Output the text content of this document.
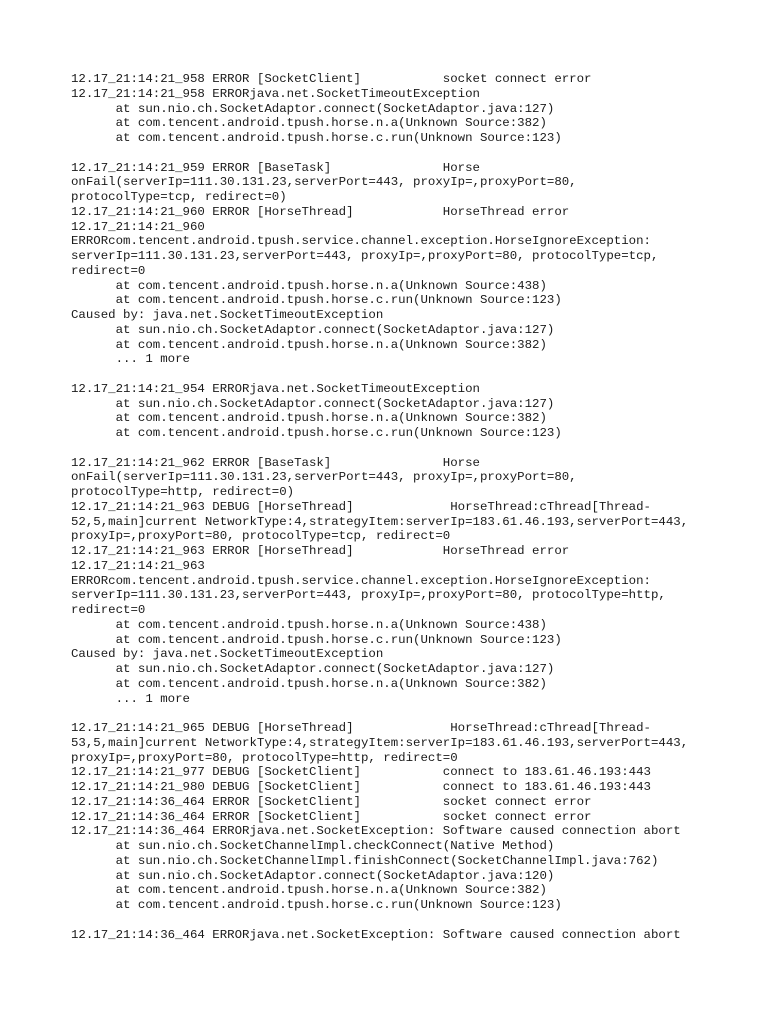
12.17_21:14:21_958 ERROR [SocketClient]           socket connect error
12.17_21:14:21_958 ERRORjava.net.SocketTimeoutException
at sun.nio.ch.SocketAdaptor.connect(SocketAdaptor.java:127)
at com.tencent.android.tpush.horse.n.a(Unknown Source:382)
at com.tencent.android.tpush.horse.c.run(Unknown Source:123)

12.17_21:14:21_959 ERROR [BaseTask]               Horse
onFail(serverIp=111.30.131.23,serverPort=443, proxyIp=,proxyPort=80,
protocolType=tcp, redirect=0)
12.17_21:14:21_960 ERROR [HorseThread]            HorseThread error
12.17_21:14:21_960
ERRORcom.tencent.android.tpush.service.channel.exception.HorseIgnoreException:
serverIp=111.30.131.23,serverPort=443, proxyIp=,proxyPort=80, protocolType=tcp,
redirect=0
at com.tencent.android.tpush.horse.n.a(Unknown Source:438)
at com.tencent.android.tpush.horse.c.run(Unknown Source:123)
Caused by: java.net.SocketTimeoutException
at sun.nio.ch.SocketAdaptor.connect(SocketAdaptor.java:127)
at com.tencent.android.tpush.horse.n.a(Unknown Source:382)
... 1 more

12.17_21:14:21_954 ERRORjava.net.SocketTimeoutException
at sun.nio.ch.SocketAdaptor.connect(SocketAdaptor.java:127)
at com.tencent.android.tpush.horse.n.a(Unknown Source:382)
at com.tencent.android.tpush.horse.c.run(Unknown Source:123)

12.17_21:14:21_962 ERROR [BaseTask]               Horse
onFail(serverIp=111.30.131.23,serverPort=443, proxyIp=,proxyPort=80,
protocolType=http, redirect=0)
12.17_21:14:21_963 DEBUG [HorseThread]             HorseThread:cThread[Thread-
52,5,main]current NetworkType:4,strategyItem:serverIp=183.61.46.193,serverPort=443,
proxyIp=,proxyPort=80, protocolType=tcp, redirect=0
12.17_21:14:21_963 ERROR [HorseThread]            HorseThread error
12.17_21:14:21_963
ERRORcom.tencent.android.tpush.service.channel.exception.HorseIgnoreException:
serverIp=111.30.131.23,serverPort=443, proxyIp=,proxyPort=80, protocolType=http,
redirect=0
at com.tencent.android.tpush.horse.n.a(Unknown Source:438)
at com.tencent.android.tpush.horse.c.run(Unknown Source:123)
Caused by: java.net.SocketTimeoutException
at sun.nio.ch.SocketAdaptor.connect(SocketAdaptor.java:127)
at com.tencent.android.tpush.horse.n.a(Unknown Source:382)
... 1 more

12.17_21:14:21_965 DEBUG [HorseThread]             HorseThread:cThread[Thread-
53,5,main]current NetworkType:4,strategyItem:serverIp=183.61.46.193,serverPort=443,
proxyIp=,proxyPort=80, protocolType=http, redirect=0
12.17_21:14:21_977 DEBUG [SocketClient]           connect to 183.61.46.193:443
12.17_21:14:21_980 DEBUG [SocketClient]           connect to 183.61.46.193:443
12.17_21:14:36_464 ERROR [SocketClient]           socket connect error
12.17_21:14:36_464 ERROR [SocketClient]           socket connect error
12.17_21:14:36_464 ERRORjava.net.SocketException: Software caused connection abort
at sun.nio.ch.SocketChannelImpl.checkConnect(Native Method)
at sun.nio.ch.SocketChannelImpl.finishConnect(SocketChannelImpl.java:762)
at sun.nio.ch.SocketAdaptor.connect(SocketAdaptor.java:120)
at com.tencent.android.tpush.horse.n.a(Unknown Source:382)
at com.tencent.android.tpush.horse.c.run(Unknown Source:123)

12.17_21:14:36_464 ERRORjava.net.SocketException: Software caused connection abort
